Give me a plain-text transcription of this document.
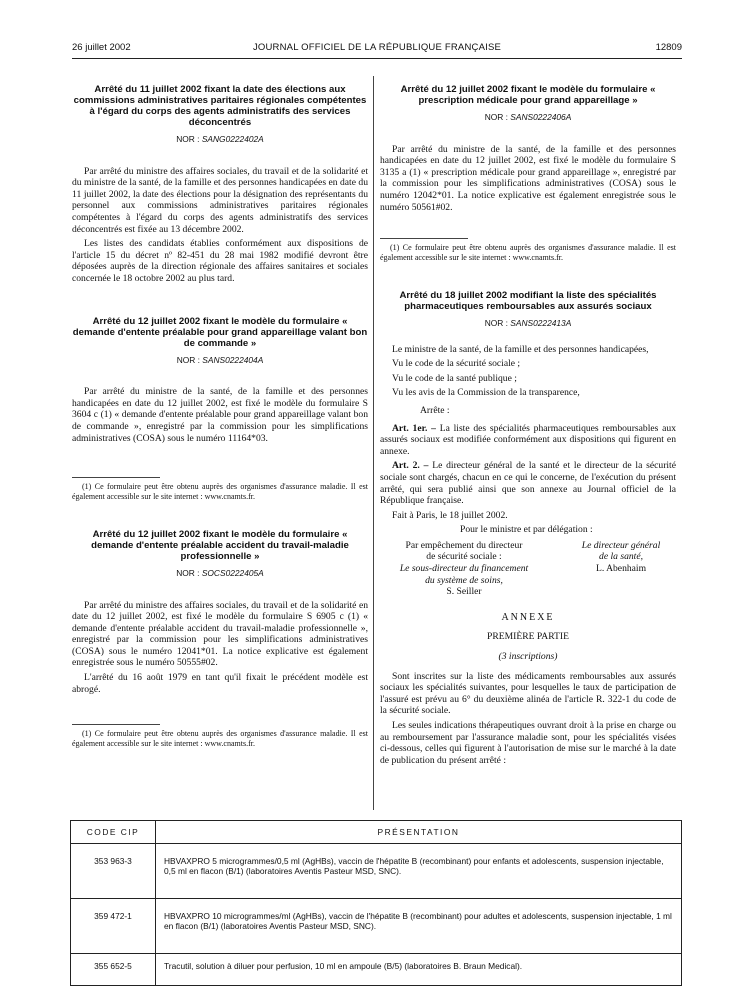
26 juillet 2002	JOURNAL OFFICIEL DE LA RÉPUBLIQUE FRANÇAISE	12809
Arrêté du 11 juillet 2002 fixant la date des élections aux commissions administratives paritaires régionales compétentes à l'égard du corps des agents administratifs des services déconcentrés
NOR : SANG0222402A

Par arrêté du ministre des affaires sociales, du travail et de la solidarité et du ministre de la santé, de la famille et des personnes handicapées en date du 11 juillet 2002, la date des élections pour la désignation des représentants du personnel aux commissions administratives paritaires régionales compétentes à l'égard du corps des agents administratifs des services déconcentrés est fixée au 13 décembre 2002.

Les listes des candidats établies conformément aux dispositions de l'article 15 du décret nº 82-451 du 28 mai 1982 modifié devront être déposées auprès de la direction régionale des affaires sanitaires et sociales concernée le 18 octobre 2002 au plus tard.

Arrêté du 12 juillet 2002 fixant le modèle du formulaire « demande d'entente préalable pour grand appareillage valant bon de commande »
NOR : SANS0222404A

Par arrêté du ministre de la santé, de la famille et des personnes handicapées en date du 12 juillet 2002, est fixé le modèle du formulaire S 3604 c (1) « demande d'entente préalable pour grand appareillage valant bon de commande », enregistré par la commission pour les simplifications administratives (COSA) sous le numéro 11164*03.

(1) Ce formulaire peut être obtenu auprès des organismes d'assurance maladie. Il est également accessible sur le site internet : www.cnamts.fr.

Arrêté du 12 juillet 2002 fixant le modèle du formulaire « demande d'entente préalable accident du travail-maladie professionnelle »
NOR : SOCS0222405A

Par arrêté du ministre des affaires sociales, du travail et de la solidarité en date du 12 juillet 2002, est fixé le modèle du formulaire S 6905 c (1) « demande d'entente préalable accident du travail-maladie professionnelle », enregistré par la commission pour les simplifications administratives (COSA) sous le numéro 12041*01. La notice explicative est également enregistrée sous le numéro 50555#02.

L'arrêté du 16 août 1979 en tant qu'il fixait le précédent modèle est abrogé.

(1) Ce formulaire peut être obtenu auprès des organismes d'assurance maladie. Il est également accessible sur le site internet : www.cnamts.fr.

Arrêté du 12 juillet 2002 fixant le modèle du formulaire « prescription médicale pour grand appareillage »
NOR : SANS0222406A

Par arrêté du ministre de la santé, de la famille et des personnes handicapées en date du 12 juillet 2002, est fixé le modèle du formulaire S 3135 a (1) « prescription médicale pour grand appareillage », enregistré par la commission pour les simplifications administratives (COSA) sous le numéro 12042*01. La notice explicative est également enregistrée sous le numéro 50561#02.

(1) Ce formulaire peut être obtenu auprès des organismes d'assurance maladie. Il est également accessible sur le site internet : www.cnamts.fr.

Arrêté du 18 juillet 2002 modifiant la liste des spécialités pharmaceutiques remboursables aux assurés sociaux
NOR : SANS0222413A

Le ministre de la santé, de la famille et des personnes handicapées,

Vu le code de la sécurité sociale ;

Vu le code de la santé publique ;

Vu les avis de la Commission de la transparence,

Arrête :

Art. 1er. – La liste des spécialités pharmaceutiques remboursables aux assurés sociaux est modifiée conformément aux dispositions qui figurent en annexe.

Art. 2. – Le directeur général de la santé et le directeur de la sécurité sociale sont chargés, chacun en ce qui le concerne, de l'exécution du présent arrêté, qui sera publié ainsi que son annexe au Journal officiel de la République française.

Fait à Paris, le 18 juillet 2002.

Pour le ministre et par délégation :

Par empêchement du directeur
de sécurité sociale :
Le sous-directeur du financement
du système de soins,
S. Seiller
Le directeur général
de la santé,
L. Abenhaim
ANNEXE
PREMIÈRE PARTIE
(3 inscriptions)

Sont inscrites sur la liste des médicaments remboursables aux assurés sociaux les spécialités suivantes, pour lesquelles le taux de participation de l'assuré est prévu au 6° du deuxième alinéa de l'article R. 322-1 du code de la sécurité sociale.

Les seules indications thérapeutiques ouvrant droit à la prise en charge ou au remboursement par l'assurance maladie sont, pour les spécialités visées ci-dessous, celles qui figurent à l'autorisation de mise sur le marché à la date de publication du présent arrêté :

CODE CIP	PRÉSENTATION
353 963-3	HBVAXPRO 5 microgrammes/0,5 ml (AgHBs), vaccin de l'hépatite B (recombinant) pour enfants et adolescents, suspension injectable, 0,5 ml en flacon (B/1) (laboratoires Aventis Pasteur MSD, SNC).
359 472-1	HBVAXPRO 10 microgrammes/ml (AgHBs), vaccin de l'hépatite B (recombinant) pour adultes et adolescents, suspension injectable, 1 ml en flacon (B/1) (laboratoires Aventis Pasteur MSD, SNC).
355 652-5	Tracutil, solution à diluer pour perfusion, 10 ml en ampoule (B/5) (laboratoires B. Braun Medical).
